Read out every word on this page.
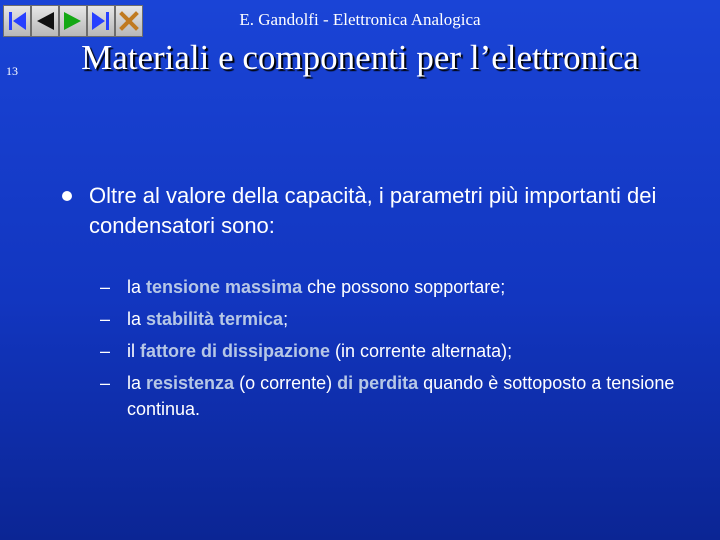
E. Gandolfi - Elettronica Analogica
13	Materiali e componenti per l’elettronica
Oltre al valore della capacità, i parametri più importanti dei condensatori sono:
– la tensione massima che possono sopportare;
– la stabilità termica;
– il fattore di dissipazione (in corrente alternata);
– la resistenza (o corrente) di perdita quando è sottoposto a tensione continua.
